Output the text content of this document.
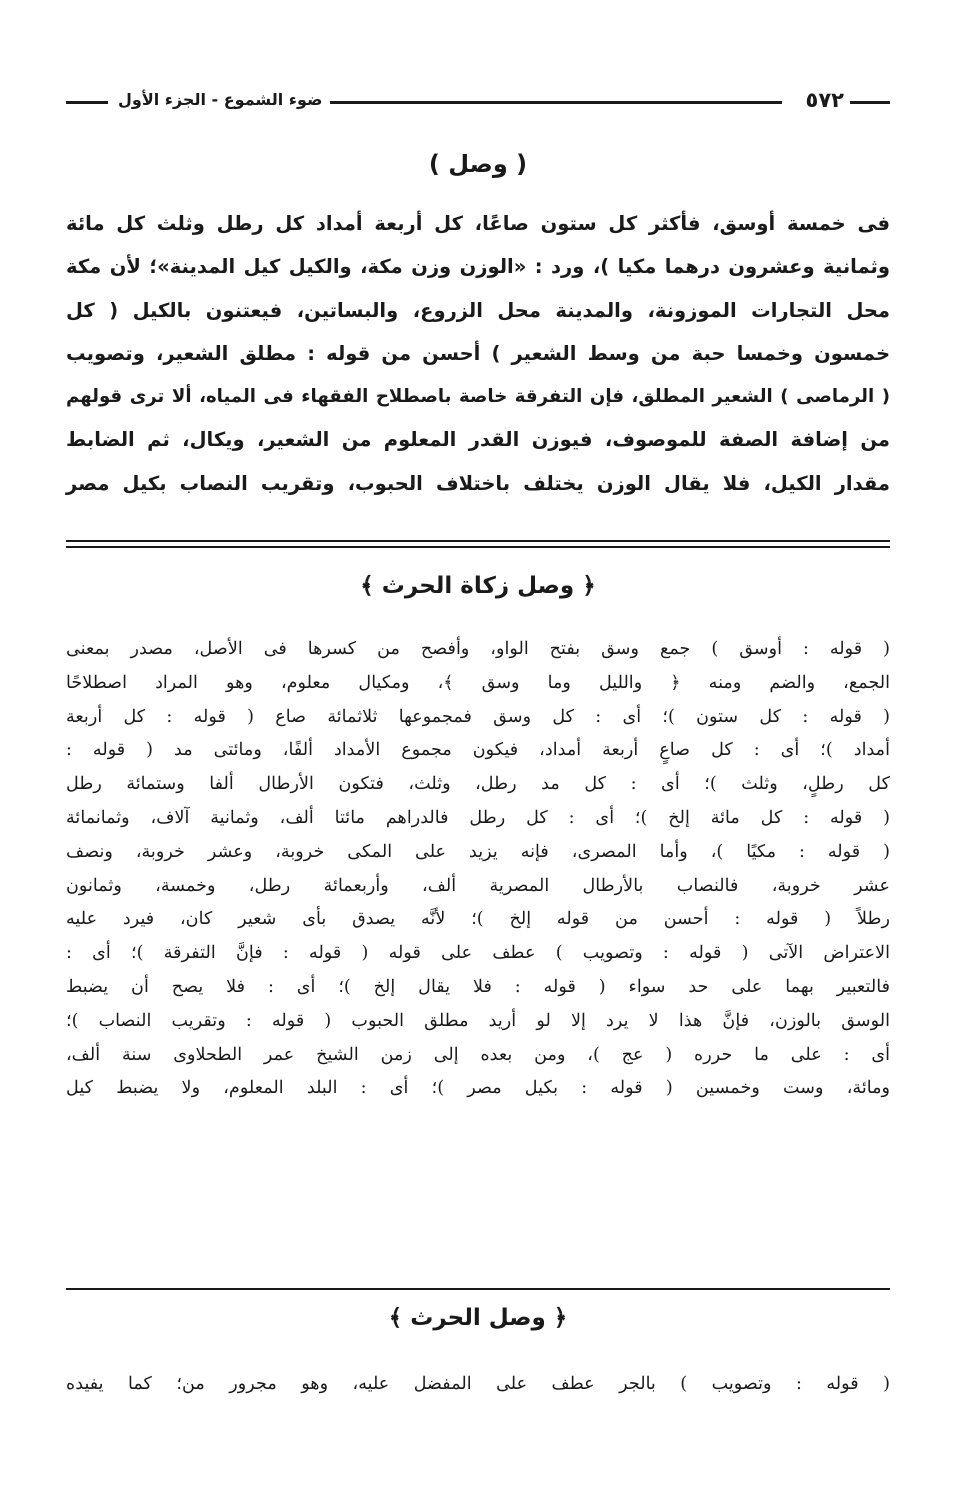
٥٧٢
ضوء الشموع - الجزء الأول
( وصل )
فى خمسة أوسق، فأكثر كل ستون صاعًا، كل أربعة أمداد كل رطل وثلث كل مائة
وثمانية وعشرون درهما مكيا )، ورد : «الوزن وزن مكة، والكيل كيل المدينة»؛ لأن مكة
محل التجارات الموزونة، والمدينة محل الزروع، والبساتين، فيعتنون بالكيل ( كل
خمسون وخمسا حبة من وسط الشعير ) أحسن من قوله : مطلق الشعير، وتصويب
( الرماصى ) الشعير المطلق، فإن التفرقة خاصة باصطلاح الفقهاء فى المياه، ألا ترى قولهم
من إضافة الصفة للموصوف، فيوزن القدر المعلوم من الشعير، ويكال، ثم الضابط
مقدار الكيل، فلا يقال الوزن يختلف باختلاف الحبوب، وتقريب النصاب بكيل مصر
﴿ وصل زكاة الحرث ﴾
( قوله : أوسق ) جمع وسق بفتح الواو، وأفصح من كسرها فى الأصل، مصدر بمعنى
الجمع، والضم ومنه ﴿ والليل وما وسق ﴾، ومكيال معلوم، وهو المراد اصطلاحًا
( قوله : كل ستون )؛ أى : كل وسق فمجموعها ثلاثمائة صاع ( قوله : كل أربعة
أمداد )؛ أى : كل صاعٍ أربعة أمداد، فيكون مجموع الأمداد ألفًا، ومائتى مد ( قوله :
كل رطلٍ، وثلث )؛ أى : كل مد رطل، وثلث، فتكون الأرطال ألفا وستمائة رطل
( قوله : كل مائة إلخ )؛ أى : كل رطل فالدراهم مائتا ألف، وثمانية آلاف، وثمانمائة
( قوله : مكيًا )، وأما المصرى، فإنه يزيد على المكى خروبة، وعشر خروبة، ونصف
عشر خروبة، فالنصاب بالأرطال المصرية ألف، وأربعمائة رطل، وخمسة، وثمانون
رطلاً ( قوله : أحسن من قوله إلخ )؛ لأنَّه يصدق بأى شعير كان، فيرد عليه
الاعتراض الآتى ( قوله : وتصويب ) عطف على قوله ( قوله : فإنَّ التفرقة )؛ أى :
فالتعبير بهما على حد سواء ( قوله : فلا يقال إلخ )؛ أى : فلا يصح أن يضبط
الوسق بالوزن، فإنَّ هذا لا يرد إلا لو أريد مطلق الحبوب ( قوله : وتقريب النصاب )؛
أى : على ما حرره ( عج )، ومن بعده إلى زمن الشيخ عمر الطحلاوى سنة ألف،
ومائة، وست وخمسين ( قوله : بكيل مصر )؛ أى : البلد المعلوم، ولا يضبط كيل
﴿ وصل الحرث ﴾
( قوله : وتصويب ) بالجر عطف على المفضل عليه، وهو مجرور من؛ كما يفيده
